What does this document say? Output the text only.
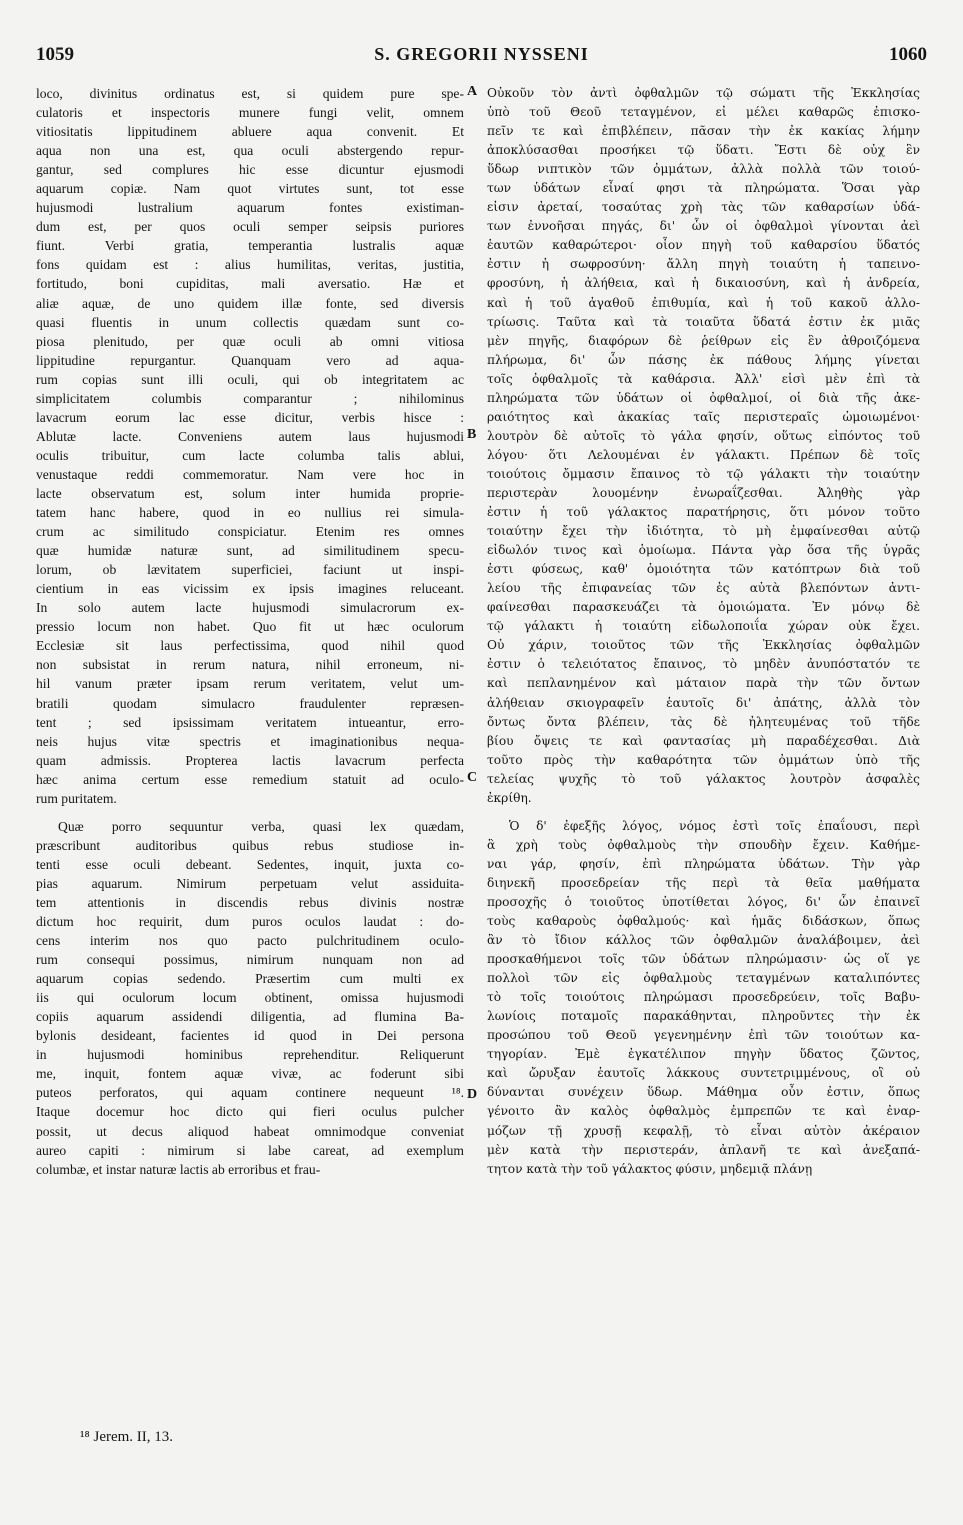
1059	S. GREGORII NYSSENI	1060
loco, divinitus ordinatus est, si quidem pure spe-
culatoris et inspectoris munere fungi velit, omnem
vitiositatis lippitudinem abluere aqua convenit. Et
aqua non una est, qua oculi abstergendo repur-
gantur, sed complures hic esse dicuntur ejusmodi
aquarum copiæ. Nam quot virtutes sunt, tot esse
hujusmodi lustralium aquarum fontes existiman-
dum est, per quos oculi semper seipsis puriores
fiunt. Verbi gratia, temperantia lustralis aquæ
fons quidam est : alius humilitas, veritas, justitia,
fortitudo, boni cupiditas, mali aversatio. Hæ et
aliæ aquæ, de uno quidem illæ fonte, sed diversis
quasi fluentis in unum collectis quædam sunt co-
piosa plenitudo, per quæ oculi ab omni vitiosa
lippitudine repurgantur. Quanquam vero ad aqua-
rum copias sunt illi oculi, qui ob integritatem ac
simplicitatem columbis comparantur ; nihilominus
lavacrum eorum lac esse dicitur, verbis hisce :
Ablutæ lacte. Conveniens autem laus hujusmodi
oculis tribuitur, cum lacte columba talis ablui,
venustaque reddi commemoratur. Nam vere hoc in
lacte observatum est, solum inter humida proprie-
tatem hanc habere, quod in eo nullius rei simula-
crum ac similitudo conspiciatur. Etenim res omnes
quæ humidæ naturæ sunt, ad similitudinem specu-
lorum, ob lævitatem superficiei, faciunt ut inspi-
cientium in eas vicissim ex ipsis imagines reluceant.
In solo autem lacte hujusmodi simulacrorum ex-
pressio locum non habet. Quo fit ut hæc oculorum
Ecclesiæ sit laus perfectissima, quod nihil quod
non subsistat in rerum natura, nihil erroneum, ni-
hil vanum præter ipsam rerum veritatem, velut um-
bratili quodam simulacro fraudulenter repræsen-
tent ; sed ipsissimam veritatem intueantur, erro-
neis hujus vitæ spectris et imaginationibus nequa-
quam admissis. Propterea lactis lavacrum perfecta
hæc anima certum esse remedium statuit ad oculo-
rum puritatem.
Quæ porro sequuntur verba, quasi lex quædam,
præscribunt auditoribus quibus rebus studiose in-
tenti esse oculi debeant. Sedentes, inquit, juxta co-
pias aquarum. Nimirum perpetuam velut assiduita-
tem attentionis in discendis rebus divinis nostræ
dictum hoc requirit, dum puros oculos laudat : do-
cens interim nos quo pacto pulchritudinem oculo-
rum consequi possimus, nimirum nunquam non ad
aquarum copias sedendo. Præsertim cum multi ex
iis qui oculorum locum obtinent, omissa hujusmodi
copiis aquarum assidendi diligentia, ad flumina Ba-
bylonis desideant, facientes id quod in Dei persona
in hujusmodi hominibus reprehenditur. Reliquerunt
me, inquit, fontem aquæ vivæ, ac foderunt sibi
puteos perforatos, qui aquam continere nequeunt ¹⁸.
Itaque docemur hoc dicto qui fieri oculus pulcher
possit, ut decus aliquod habeat omnimodque conveniat
aureo capiti : nimirum si labe careat, ad exemplum
columbæ, et instar naturæ lactis ab erroribus et frau-
Οὐκοῦν τὸν ἀντὶ ὀφθαλμῶν τῷ σώματι τῆς Ἐκκλησίας
ὑπὸ τοῦ Θεοῦ τεταγμένον, εἰ μέλει καθαρῶς ἐπισκο-
πεῖν τε καὶ ἐπιβλέπειν, πᾶσαν τὴν ἐκ κακίας λήμην
ἀποκλύσασθαι προσήκει τῷ ὕδατι. Ἔστι δὲ οὐχ ἓν
ὕδωρ νιπτικὸν τῶν ὀμμάτων, ἀλλὰ πολλὰ τῶν τοιού-
των ὑδάτων εἶναί φησι τὰ πληρώματα. Ὅσαι γὰρ
εἰσιν ἀρεταί, τοσαύτας χρὴ τὰς τῶν καθαρσίων ὑδά-
των ἐννοῆσαι πηγάς, δι' ὧν οἱ ὀφθαλμοὶ γίνονται ἀεὶ
ἑαυτῶν καθαρώτεροι· οἷον πηγὴ τοῦ καθαρσίου ὕδατός
ἐστιν ἡ σωφροσύνη· ἄλλη πηγὴ τοιαύτη ἡ ταπεινο-
φροσύνη, ἡ ἀλήθεια, καὶ ἡ δικαιοσύνη, καὶ ἡ ἀνδρεία,
καὶ ἡ τοῦ ἀγαθοῦ ἐπιθυμία, καὶ ἡ τοῦ κακοῦ ἀλλο-
τρίωσις. Ταῦτα καὶ τὰ τοιαῦτα ὕδατά ἐστιν ἐκ μιᾶς
μὲν πηγῆς, διαφόρων δὲ ῥείθρων εἰς ἓν ἀθροιζόμενα
πλήρωμα, δι' ὧν πάσης ἐκ πάθους λήμης γίνεται
τοῖς ὀφθαλμοῖς τὰ καθάρσια. Ἀλλ' εἰσὶ μὲν ἐπὶ τὰ
πληρώματα τῶν ὑδάτων οἱ ὀφθαλμοί, οἱ διὰ τῆς ἀκε-
ραιότητος καὶ ἀκακίας ταῖς περιστεραῖς ὡμοιωμένοι·
λουτρὸν δὲ αὐτοῖς τὸ γάλα φησίν, οὕτως εἰπόντος τοῦ
λόγου· ὅτι Λελουμέναι ἐν γάλακτι. Πρέπων δὲ τοῖς
τοιούτοις ὄμμασιν ἔπαινος τὸ τῷ γάλακτι τὴν τοιαύτην
περιστερὰν λουομένην ἐνωραΐζεσθαι. Ἀληθὴς γὰρ
ἐστιν ἡ τοῦ γάλακτος παρατήρησις, ὅτι μόνον τοῦτο
τοιαύτην ἔχει τὴν ἰδιότητα, τὸ μὴ ἐμφαίνεσθαι αὐτῷ
εἰδωλόν τινος καὶ ὁμοίωμα. Πάντα γὰρ ὅσα τῆς ὑγρᾶς
ἐστι φύσεως, καθ' ὁμοιότητα τῶν κατόπτρων διὰ τοῦ
λείου τῆς ἐπιφανείας τῶν ἐς αὐτὰ βλεπόντων ἀντι-
φαίνεσθαι παρασκευάζει τὰ ὁμοιώματα. Ἐν μόνῳ δὲ
τῷ γάλακτι ἡ τοιαύτη εἰδωλοποιΐα χώραν οὐκ ἔχει.
Οὐ χάριν, τοιοῦτος τῶν τῆς Ἐκκλησίας ὀφθαλμῶν
ἐστιν ὁ τελειότατος ἔπαινος, τὸ μηδὲν ἀνυπόστατόν τε
καὶ πεπλανημένον καὶ μάταιον παρὰ τὴν τῶν ὄντων
ἀλήθειαν σκιογραφεῖν ἑαυτοῖς δι' ἀπάτης, ἀλλὰ τὸν
ὄντως ὄντα βλέπειν, τὰς δὲ ἠλητευμένας τοῦ τῆδε
βίου ὄψεις τε καὶ φαντασίας μὴ παραδέχεσθαι. Διὰ
τοῦτο πρὸς τὴν καθαρότητα τῶν ὀμμάτων ὑπὸ τῆς
τελείας ψυχῆς τὸ τοῦ γάλακτος λουτρὸν ἀσφαλὲς
ἐκρίθη.
Ὁ δ' ἐφεξῆς λόγος, νόμος ἐστὶ τοῖς ἐπαΐουσι, περὶ
ἃ χρὴ τοὺς ὀφθαλμοὺς τὴν σπουδὴν ἔχειν. Καθήμε-
ναι γάρ, φησίν, ἐπὶ πληρώματα ὑδάτων. Τὴν γὰρ
διηνεκῆ προσεδρείαν τῆς περὶ τὰ θεῖα μαθήματα
προσοχῆς ὁ τοιοῦτος ὑποτίθεται λόγος, δι' ὧν ἐπαινεῖ
τοὺς καθαροὺς ὀφθαλμούς· καὶ ἡμᾶς διδάσκων, ὅπως
ἂν τὸ ἴδιον κάλλος τῶν ὀφθαλμῶν ἀναλάβοιμεν, ἀεὶ
προσκαθήμενοι τοῖς τῶν ὑδάτων πληρώμασιν· ὡς οἵ γε
πολλοὶ τῶν εἰς ὀφθαλμοὺς τεταγμένων καταλιπόντες
τὸ τοῖς τοιούτοις πληρώμασι προσεδρεύειν, τοῖς Βαβυ-
λωνίοις ποταμοῖς παρακάθηνται, πληροῦντες τὴν ἐκ
προσώπου τοῦ Θεοῦ γεγενημένην ἐπὶ τῶν τοιούτων κα-
τηγορίαν. Ἐμὲ ἐγκατέλιπον πηγὴν ὕδατος ζῶντος,
καὶ ὤρυξαν ἑαυτοῖς λάκκους συντετριμμένους, οἳ οὐ
δύνανται συνέχειν ὕδωρ. Μάθημα οὖν ἐστιν, ὅπως
γένοιτο ἂν καλὸς ὀφθαλμὸς ἐμπρεπῶν τε καὶ ἐναρ-
μόζων τῇ χρυσῇ κεφαλῇ, τὸ εἶναι αὐτὸν ἀκέραιον
μὲν κατὰ τὴν περιστεράν, ἀπλανῆ τε καὶ ἀνεξαπά-
τητον κατὰ τὴν τοῦ γάλακτος φύσιν, μηδεμιᾷ πλάνῃ
A
B
C
D
¹⁸ Jerem. II, 13.
